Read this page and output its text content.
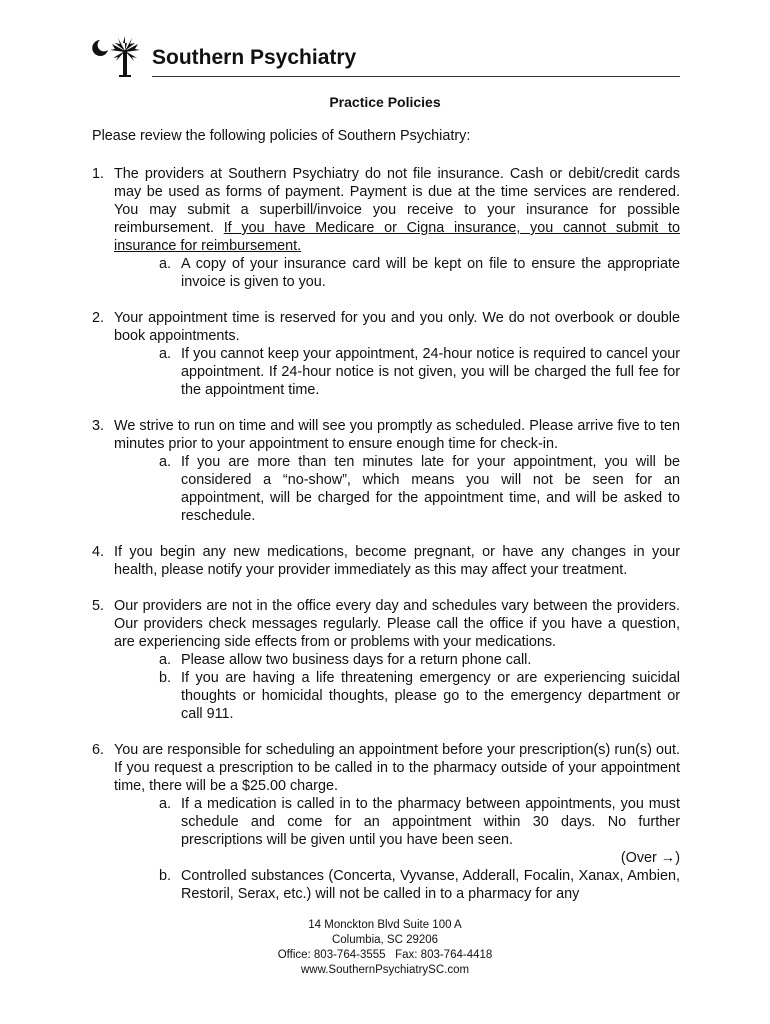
Southern Psychiatry
Practice Policies
Please review the following policies of Southern Psychiatry:
1. The providers at Southern Psychiatry do not file insurance. Cash or debit/credit cards may be used as forms of payment. Payment is due at the time services are rendered. You may submit a superbill/invoice you receive to your insurance for possible reimbursement. If you have Medicare or Cigna insurance, you cannot submit to insurance for reimbursement.
a. A copy of your insurance card will be kept on file to ensure the appropriate invoice is given to you.
2. Your appointment time is reserved for you and you only. We do not overbook or double book appointments.
a. If you cannot keep your appointment, 24-hour notice is required to cancel your appointment. If 24-hour notice is not given, you will be charged the full fee for the appointment time.
3. We strive to run on time and will see you promptly as scheduled. Please arrive five to ten minutes prior to your appointment to ensure enough time for check-in.
a. If you are more than ten minutes late for your appointment, you will be considered a “no-show”, which means you will not be seen for an appointment, will be charged for the appointment time, and will be asked to reschedule.
4. If you begin any new medications, become pregnant, or have any changes in your health, please notify your provider immediately as this may affect your treatment.
5. Our providers are not in the office every day and schedules vary between the providers. Our providers check messages regularly. Please call the office if you have a question, are experiencing side effects from or problems with your medications.
a. Please allow two business days for a return phone call.
b. If you are having a life threatening emergency or are experiencing suicidal thoughts or homicidal thoughts, please go to the emergency department or call 911.
6. You are responsible for scheduling an appointment before your prescription(s) run(s) out. If you request a prescription to be called in to the pharmacy outside of your appointment time, there will be a $25.00 charge.
a. If a medication is called in to the pharmacy between appointments, you must schedule and come for an appointment within 30 days. No further prescriptions will be given until you have been seen.
(Over →)
b. Controlled substances (Concerta, Vyvanse, Adderall, Focalin, Xanax, Ambien, Restoril, Serax, etc.) will not be called in to a pharmacy for any
14 Monckton Blvd Suite 100 A
Columbia, SC 29206
Office: 803-764-3555   Fax: 803-764-4418
www.SouthernPsychiatrySC.com
